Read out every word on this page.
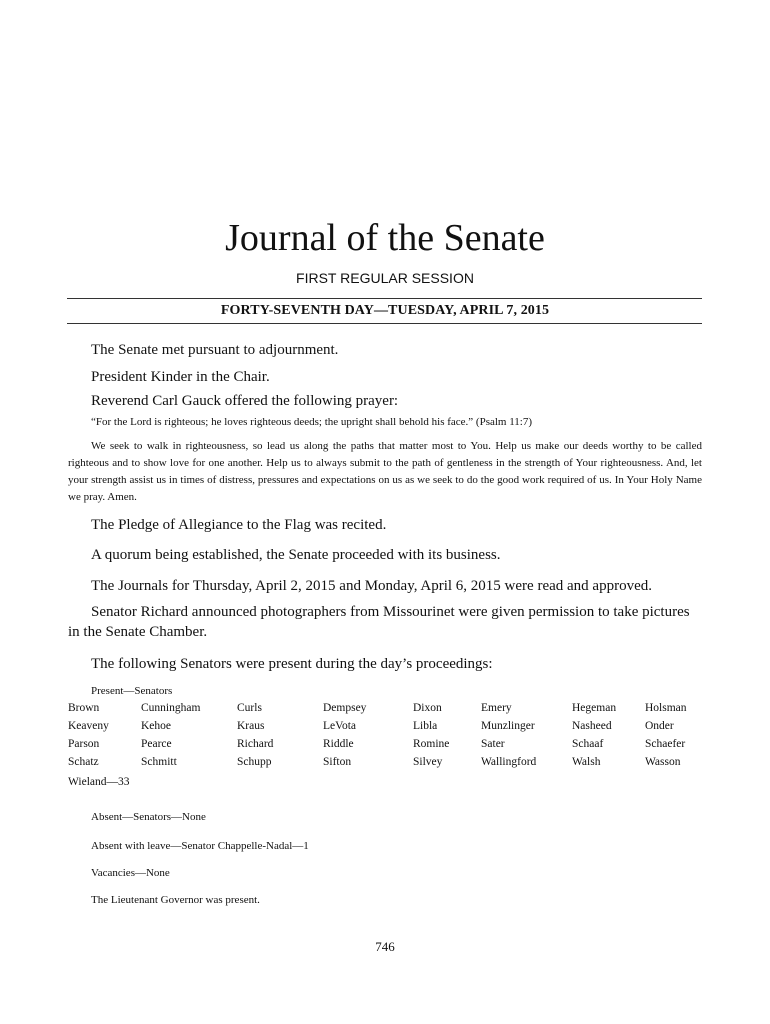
Journal of the Senate
FIRST REGULAR SESSION
FORTY-SEVENTH DAY—TUESDAY, APRIL 7, 2015

The Senate met pursuant to adjournment.

President Kinder in the Chair.

Reverend Carl Gauck offered the following prayer:

“For the Lord is righteous; he loves righteous deeds; the upright shall behold his face.” (Psalm 11:7)

We seek to walk in righteousness, so lead us along the paths that matter most to You. Help us make our deeds worthy to be called righteous and to show love for one another. Help us to always submit to the path of gentleness in the strength of Your righteousness. And, let your strength assist us in times of distress, pressures and expectations on us as we seek to do the good work required of us. In Your Holy Name we pray. Amen.

The Pledge of Allegiance to the Flag was recited.

A quorum being established, the Senate proceeded with its business.

The Journals for Thursday, April 2, 2015 and Monday, April 6, 2015 were read and approved.

Senator Richard announced photographers from Missourinet were given permission to take pictures in the Senate Chamber.

The following Senators were present during the day’s proceedings:

Present—Senators
Brown	Cunningham	Curls	Dempsey	Dixon	Emery	Hegeman	Holsman
Keaveny	Kehoe	Kraus	LeVota	Libla	Munzlinger	Nasheed	Onder
Parson	Pearce	Richard	Riddle	Romine	Sater	Schaaf	Schaefer
Schatz	Schmitt	Schupp	Sifton	Silvey	Wallingford	Walsh	Wasson
Wieland—33
Absent—Senators—None
Absent with leave—Senator Chappelle-Nadal—1
Vacancies—None
The Lieutenant Governor was present.
746
